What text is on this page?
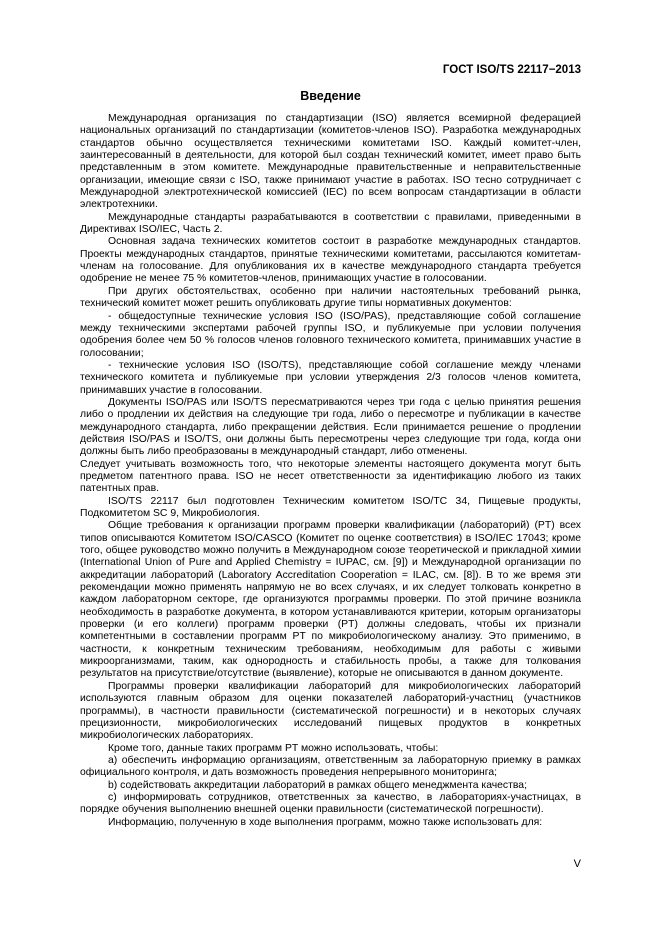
ГОСТ ISO/TS 22117−2013
Введение

Международная организация по стандартизации (ISO) является всемирной федерацией национальных организаций по стандартизации (комитетов-членов ISO). Разработка международных стандартов обычно осуществляется техническими комитетами ISO. Каждый комитет-член, заинтересованный в деятельности, для которой был создан технический комитет, имеет право быть представленным в этом комитете. Международные правительственные и неправительственные организации, имеющие связи с ISO, также принимают участие в работах. ISO тесно сотрудничает с Международной электротехнической комиссией (IEC) по всем вопросам стандартизации в области электротехники.

Международные стандарты разрабатываются в соответствии с правилами, приведенными в Директивах ISO/IEC, Часть 2.

Основная задача технических комитетов состоит в разработке международных стандартов. Проекты международных стандартов, принятые техническими комитетами, рассылаются комитетам-членам на голосование. Для опубликования их в качестве международного стандарта требуется одобрение не менее 75 % комитетов-членов, принимающих участие в голосовании.

При других обстоятельствах, особенно при наличии настоятельных требований рынка, технический комитет может решить опубликовать другие типы нормативных документов:

- общедоступные технические условия ISO (ISO/PAS), представляющие собой соглашение между техническими экспертами рабочей группы ISO, и публикуемые при условии получения одобрения более чем 50 % голосов членов головного технического комитета, принимавших участие в голосовании;

- технические условия ISO (ISO/TS), представляющие собой соглашение между членами технического комитета и публикуемые при условии утверждения 2/3 голосов членов комитета, принимавших участие в голосовании.

Документы ISO/PAS или ISO/TS пересматриваются через три года с целью принятия решения либо о продлении их действия на следующие три года, либо о пересмотре и публикации в качестве международного стандарта, либо прекращении действия. Если принимается решение о продлении действия ISO/PAS и ISO/TS, они должны быть пересмотрены через следующие три года, когда они должны быть либо преобразованы в международный стандарт, либо отменены.

Следует учитывать возможность того, что некоторые элементы настоящего документа могут быть предметом патентного права. ISO не несет ответственности за идентификацию любого из таких патентных прав.

ISO/TS 22117 был подготовлен Техническим комитетом ISO/TC 34, Пищевые продукты, Подкомитетом SC 9, Микробиология.

Общие требования к организации программ проверки квалификации (лабораторий) (PT) всех типов описываются Комитетом ISO/CASCO (Комитет по оценке соответствия) в ISO/IEC 17043; кроме того, общее руководство можно получить в Международном союзе теоретической и прикладной химии (International Union of Pure and Applied Chemistry = IUPAC, см. [9]) и Международной организации по аккредитации лабораторий (Laboratory Accreditation Cooperation = ILAC, см. [8]). В то же время эти рекомендации можно применять напрямую не во всех случаях, и их следует толковать конкретно в каждом лабораторном секторе, где организуются программы проверки. По этой причине возникла необходимость в разработке документа, в котором устанавливаются критерии, которым организаторы проверки (и его коллеги) программ проверки (PT) должны следовать, чтобы их признали компетентными в составлении программ PT по микробиологическому анализу. Это применимо, в частности, к конкретным техническим требованиям, необходимым для работы с живыми микроорганизмами, таким, как однородность и стабильность пробы, а также для толкования результатов на присутствие/отсутствие (выявление), которые не описываются в данном документе.

Программы проверки квалификации лабораторий для микробиологических лабораторий используются главным образом для оценки показателей лабораторий-участниц (участников программы), в частности правильности (систематической погрешности) и в некоторых случаях прецизионности, микробиологических исследований пищевых продуктов в конкретных микробиологических лабораториях.

Кроме того, данные таких программ PT можно использовать, чтобы:

a) обеспечить информацию организациям, ответственным за лабораторную приемку в рамках официального контроля, и дать возможность проведения непрерывного мониторинга;

b) содействовать аккредитации лабораторий в рамках общего менеджмента качества;

c) информировать сотрудников, ответственных за качество, в лабораториях-участницах, в порядке обучения выполнению внешней оценки правильности (систематической погрешности).

Информацию, полученную в ходе выполнения программ, можно также использовать для:

V
